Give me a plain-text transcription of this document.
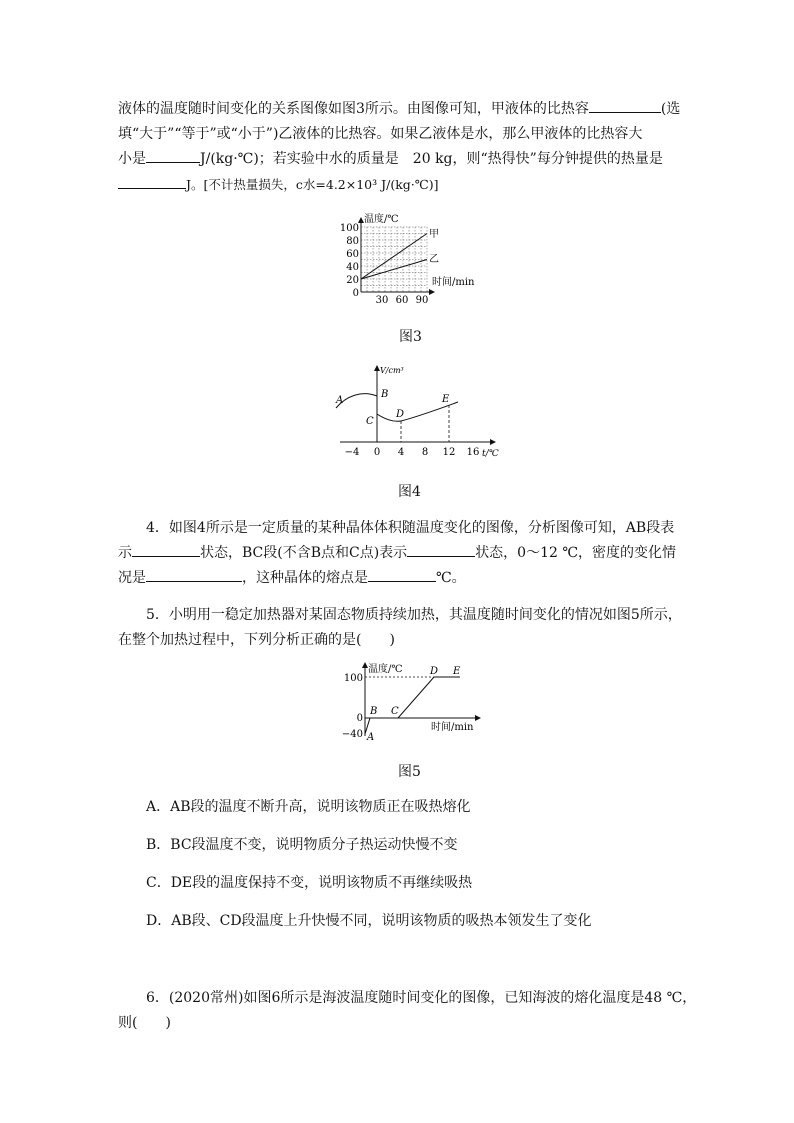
液体的温度随时间变化的关系图像如图3所示。由图像可知，甲液体的比热容	(选
填“大于”“等于”或“小于”)乙液体的比热容。如果乙液体是水，那么甲液体的比热容大
小是	J/(kg·℃)；若实验中水的质量是　20 kg，则“热得快”每分钟提供的热量是
J。[不计热量损失，c水=4.2×10³ J/(kg·℃)]
温度/℃
时间/min
甲
乙
100
80
60
40
20
0
30 60 90
图3
V/cm³
t/℃
A
B
C
D
E
−4 0 4 8 12 16
图4
4．如图4所示是一定质量的某种晶体体积随温度变化的图像，分析图像可知，AB段表
示	状态，BC段(不含B点和C点)表示	状态，0～12 ℃，密度的变化情
况是	，这种晶体的熔点是	℃。
5．小明用一稳定加热器对某固态物质持续加热，其温度随时间变化的情况如图5所示，
在整个加热过程中，下列分析正确的是(　　)
温度/℃
时间/min
100
0
−40 A
B C
D E
图5
A．AB段的温度不断升高，说明该物质正在吸热熔化
B．BC段温度不变，说明物质分子热运动快慢不变
C．DE段的温度保持不变，说明该物质不再继续吸热
D．AB段、CD段温度上升快慢不同，说明该物质的吸热本领发生了变化
6．(2020常州)如图6所示是海波温度随时间变化的图像，已知海波的熔化温度是48 ℃，
则(　　)
